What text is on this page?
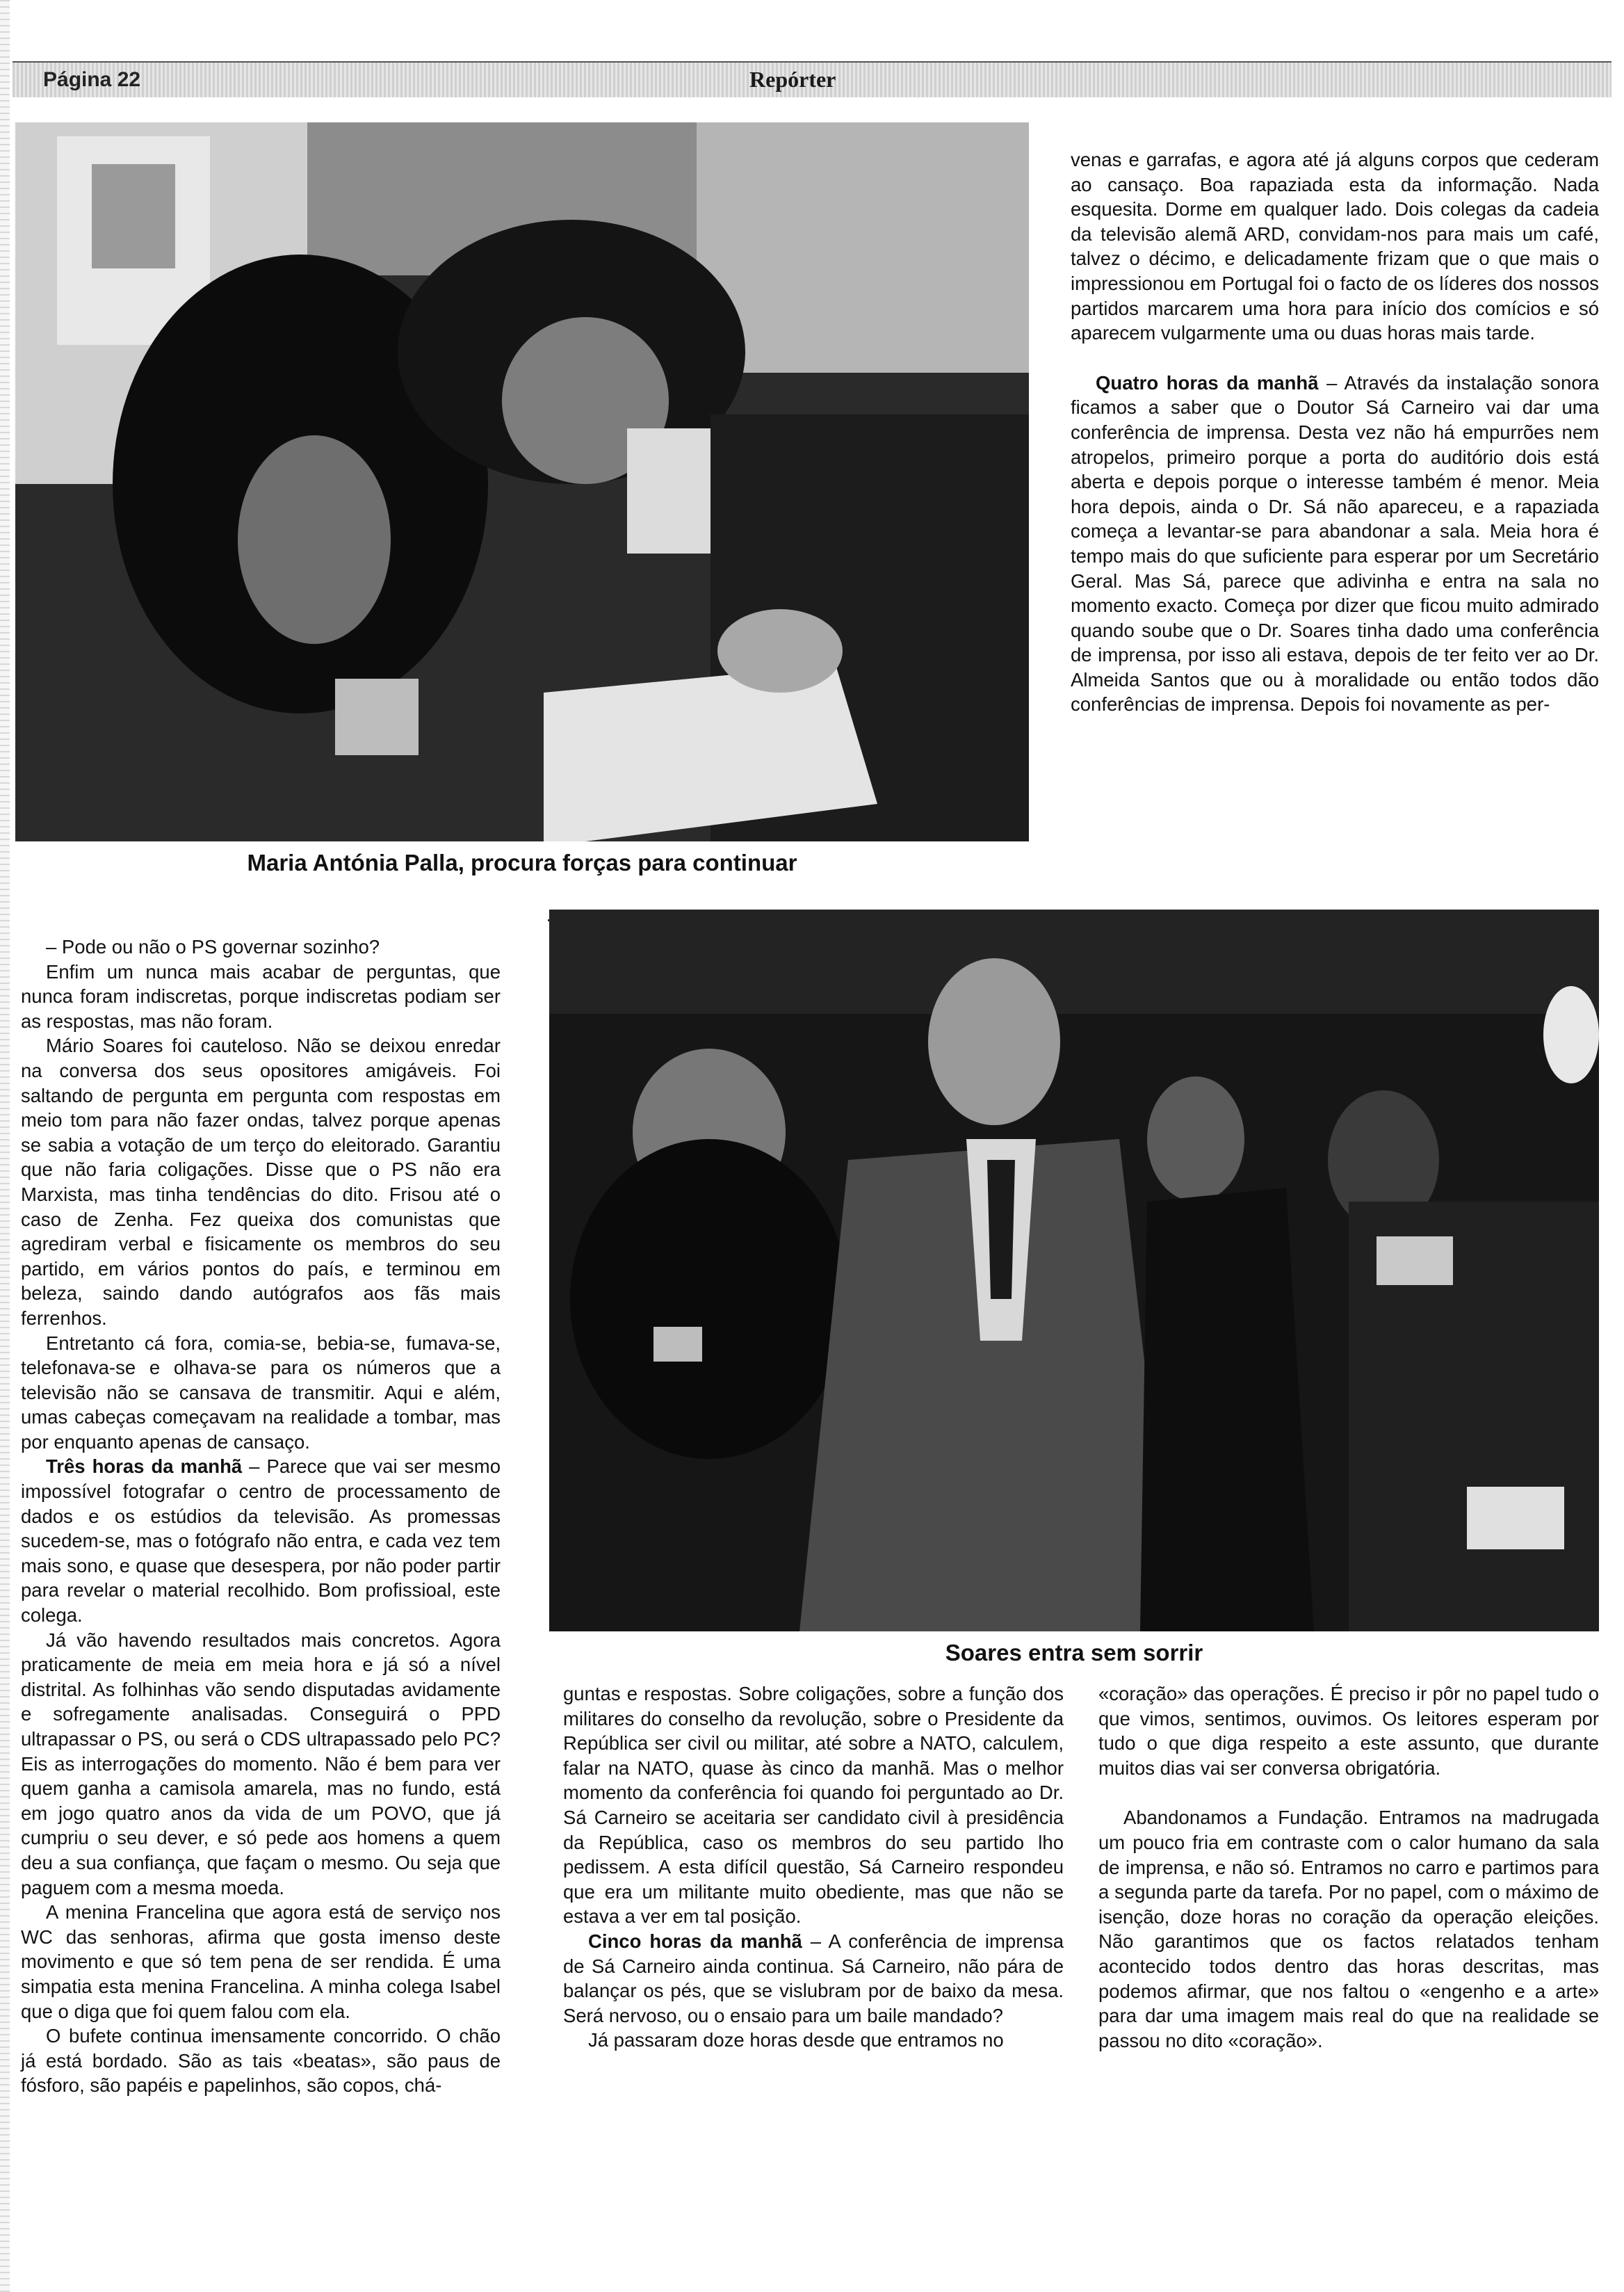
Página 22	Repórter
Maria Antónia Palla, procura forças para continuar

venas e garrafas, e agora até já alguns corpos que cederam ao cansaço. Boa rapaziada esta da informação. Nada esquesita. Dorme em qualquer lado. Dois colegas da cadeia da televisão alemã ARD, convidam-nos para mais um café, talvez o décimo, e delicadamente frizam que o que mais o impressionou em Portugal foi o facto de os líderes dos nossos partidos marcarem uma hora para início dos comícios e só aparecem vulgarmente uma ou duas horas mais tarde.

Quatro horas da manhã – Através da instalação sonora ficamos a saber que o Doutor Sá Carneiro vai dar uma conferência de imprensa. Desta vez não há empurrões nem atropelos, primeiro porque a porta do auditório dois está aberta e depois porque o interesse também é menor. Meia hora depois, ainda o Dr. Sá não apareceu, e a rapaziada começa a levantar-se para abandonar a sala. Meia hora é tempo mais do que suficiente para esperar por um Secretário Geral. Mas Sá, parece que adivinha e entra na sala no momento exacto. Começa por dizer que ficou muito admirado quando soube que o Dr. Soares tinha dado uma conferência de imprensa, por isso ali estava, depois de ter feito ver ao Dr. Almeida Santos que ou à moralidade ou então todos dão conferências de imprensa. Depois foi novamente as per-

Soares entra sem sorrir

– Pode ou não o PS governar sozinho?

Enfim um nunca mais acabar de perguntas, que nunca foram indiscretas, porque indiscretas podiam ser as respostas, mas não foram.

Mário Soares foi cauteloso. Não se deixou enredar na conversa dos seus opositores amigáveis. Foi saltando de pergunta em pergunta com respostas em meio tom para não fazer ondas, talvez porque apenas se sabia a votação de um terço do eleitorado. Garantiu que não faria coligações. Disse que o PS não era Marxista, mas tinha tendências do dito. Frisou até o caso de Zenha. Fez queixa dos comunistas que agrediram verbal e fisicamente os membros do seu partido, em vários pontos do país, e terminou em beleza, saindo dando autógrafos aos fãs mais ferrenhos.

Entretanto cá fora, comia-se, bebia-se, fumava-se, telefonava-se e olhava-se para os números que a televisão não se cansava de transmitir. Aqui e além, umas cabeças começavam na realidade a tombar, mas por enquanto apenas de cansaço.

Três horas da manhã – Parece que vai ser mesmo impossível fotografar o centro de processamento de dados e os estúdios da televisão. As promessas sucedem-se, mas o fotógrafo não entra, e cada vez tem mais sono, e quase que desespera, por não poder partir para revelar o material recolhido. Bom profissioal, este colega.

Já vão havendo resultados mais concretos. Agora praticamente de meia em meia hora e já só a nível distrital. As folhinhas vão sendo disputadas avidamente e sofregamente analisadas. Conseguirá o PPD ultrapassar o PS, ou será o CDS ultrapassado pelo PC? Eis as interrogações do momento. Não é bem para ver quem ganha a camisola amarela, mas no fundo, está em jogo quatro anos da vida de um POVO, que já cumpriu o seu dever, e só pede aos homens a quem deu a sua confiança, que façam o mesmo. Ou seja que paguem com a mesma moeda.

A menina Francelina que agora está de serviço nos WC das senhoras, afirma que gosta imenso deste movimento e que só tem pena de ser rendida. É uma simpatia esta menina Francelina. A minha colega Isabel que o diga que foi quem falou com ela.

O bufete continua imensamente concorrido. O chão já está bordado. São as tais «beatas», são paus de fósforo, são papéis e papelinhos, são copos, chá-

guntas e respostas. Sobre coligações, sobre a função dos militares do conselho da revolução, sobre o Presidente da República ser civil ou militar, até sobre a NATO, calculem, falar na NATO, quase às cinco da manhã. Mas o melhor momento da conferência foi quando foi perguntado ao Dr. Sá Carneiro se aceitaria ser candidato civil à presidência da República, caso os membros do seu partido lho pedissem. A esta difícil questão, Sá Carneiro respondeu que era um militante muito obediente, mas que não se estava a ver em tal posição.

Cinco horas da manhã – A conferência de imprensa de Sá Carneiro ainda continua. Sá Carneiro, não pára de balançar os pés, que se vislubram por de baixo da mesa. Será nervoso, ou o ensaio para um baile mandado?

Já passaram doze horas desde que entramos no

«coração» das operações. É preciso ir pôr no papel tudo o que vimos, sentimos, ouvimos. Os leitores esperam por tudo o que diga respeito a este assunto, que durante muitos dias vai ser conversa obrigatória.

Abandonamos a Fundação. Entramos na madrugada um pouco fria em contraste com o calor humano da sala de imprensa, e não só. Entramos no carro e partimos para a segunda parte da tarefa. Por no papel, com o máximo de isenção, doze horas no coração da operação eleições. Não garantimos que os factos relatados tenham acontecido todos dentro das horas descritas, mas podemos afirmar, que nos faltou o «engenho e a arte» para dar uma imagem mais real do que na realidade se passou no dito «coração».
